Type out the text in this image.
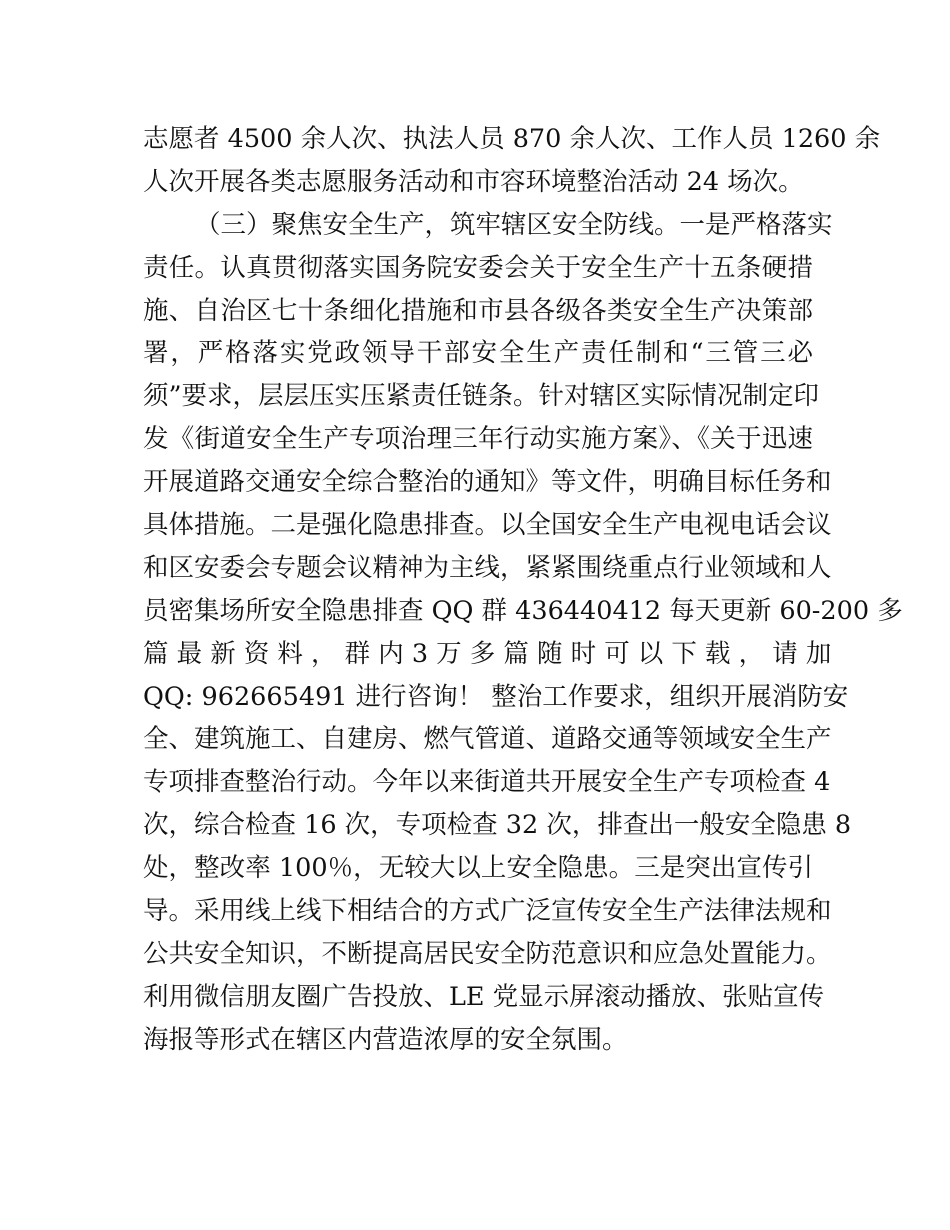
志愿者 4500 余人次、执法人员 870 余人次、工作人员 1260 余
人次开展各类志愿服务活动和市容环境整治活动 24 场次。
（三）聚焦安全生产，筑牢辖区安全防线。一是严格落实
责任。认真贯彻落实国务院安委会关于安全生产十五条硬措
施、自治区七十条细化措施和市县各级各类安全生产决策部
署，严格落实党政领导干部安全生产责任制和“三管三必
须”要求，层层压实压紧责任链条。针对辖区实际情况制定印
发《街道安全生产专项治理三年行动实施方案》、《关于迅速
开展道路交通安全综合整治的通知》等文件，明确目标任务和
具体措施。二是强化隐患排查。以全国安全生产电视电话会议
和区安委会专题会议精神为主线，紧紧围绕重点行业领域和人
员密集场所安全隐患排查 QQ 群 436440412 每天更新 60-200 多
篇 最 新 资 料 ， 群 内 3 万 多 篇 随 时 可 以 下 载 ， 请 加
QQ: 962665491 进行咨询！ 整治工作要求，组织开展消防安
全、建筑施工、自建房、燃气管道、道路交通等领域安全生产
专项排查整治行动。今年以来街道共开展安全生产专项检查 4
次，综合检查 16 次，专项检查 32 次，排查出一般安全隐患 8
处，整改率 100％，无较大以上安全隐患。三是突出宣传引
导。采用线上线下相结合的方式广泛宣传安全生产法律法规和
公共安全知识，不断提高居民安全防范意识和应急处置能力。
利用微信朋友圈广告投放、LE 党显示屏滚动播放、张贴宣传
海报等形式在辖区内营造浓厚的安全氛围。
